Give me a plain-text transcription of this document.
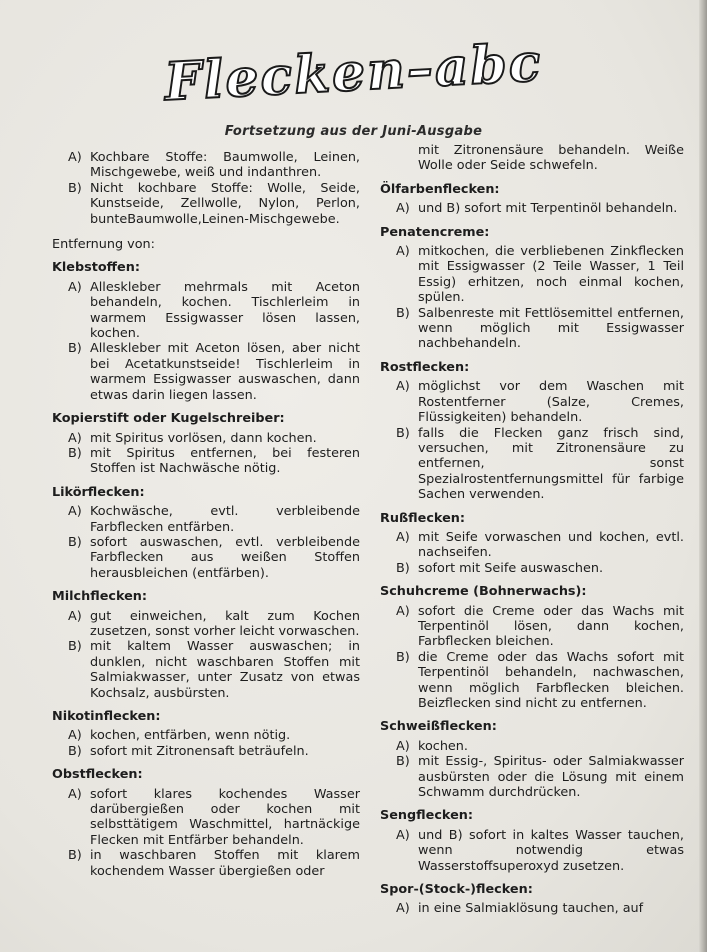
Flecken–abc
Fortsetzung aus der Juni-Ausgabe
A) Kochbare Stoffe: Baumwolle, Leinen, Mischgewebe, weiß und indanthren.
B) Nicht kochbare Stoffe: Wolle, Seide, Kunstseide, Zellwolle, Nylon, Perlon, bunteBaumwolle,Leinen-Mischgewebe.
Entfernung von:
Klebstoffen:
A) Alleskleber mehrmals mit Aceton behandeln, kochen. Tischlerleim in warmem Essigwasser lösen lassen, kochen.
B) Alleskleber mit Aceton lösen, aber nicht bei Acetatkunstseide! Tischlerleim in warmem Essigwasser auswaschen, dann etwas darin liegen lassen.
Kopierstift oder Kugelschreiber:
A) mit Spiritus vorlösen, dann kochen.
B) mit Spiritus entfernen, bei festeren Stoffen ist Nachwäsche nötig.
Likörflecken:
A) Kochwäsche, evtl. verbleibende Farbflecken entfärben.
B) sofort auswaschen, evtl. verbleibende Farbflecken aus weißen Stoffen herausbleichen (entfärben).
Milchflecken:
A) gut einweichen, kalt zum Kochen zusetzen, sonst vorher leicht vorwaschen.
B) mit kaltem Wasser auswaschen; in dunklen, nicht waschbaren Stoffen mit Salmiakwasser, unter Zusatz von etwas Kochsalz, ausbürsten.
Nikotinflecken:
A) kochen, entfärben, wenn nötig.
B) sofort mit Zitronensaft beträufeln.
Obstflecken:
A) sofort klares kochendes Wasser darübergießen oder kochen mit selbsttätigem Waschmittel, hartnäckige Flecken mit Entfärber behandeln.
B) in waschbaren Stoffen mit klarem kochendem Wasser übergießen oder
mit Zitronensäure behandeln. Weiße Wolle oder Seide schwefeln.
Ölfarbenflecken:
A) und B) sofort mit Terpentinöl behandeln.
Penatencreme:
A) mitkochen, die verbliebenen Zinkflecken mit Essigwasser (2 Teile Wasser, 1 Teil Essig) erhitzen, noch einmal kochen, spülen.
B) Salbenreste mit Fettlösemittel entfernen, wenn möglich mit Essigwasser nachbehandeln.
Rostflecken:
A) möglichst vor dem Waschen mit Rostentferner (Salze, Cremes, Flüssigkeiten) behandeln.
B) falls die Flecken ganz frisch sind, versuchen, mit Zitronensäure zu entfernen, sonst Spezialrostentfernungsmittel für farbige Sachen verwenden.
Rußflecken:
A) mit Seife vorwaschen und kochen, evtl. nachseifen.
B) sofort mit Seife auswaschen.
Schuhcreme (Bohnerwachs):
A) sofort die Creme oder das Wachs mit Terpentinöl lösen, dann kochen, Farbflecken bleichen.
B) die Creme oder das Wachs sofort mit Terpentinöl behandeln, nachwaschen, wenn möglich Farbflecken bleichen. Beizflecken sind nicht zu entfernen.
Schweißflecken:
A) kochen.
B) mit Essig-, Spiritus- oder Salmiakwasser ausbürsten oder die Lösung mit einem Schwamm durchdrücken.
Sengflecken:
A) und B) sofort in kaltes Wasser tauchen, wenn notwendig etwas Wasserstoffsuperoxyd zusetzen.
Spor-(Stock-)flecken:
A) in eine Salmiaklösung tauchen, auf
